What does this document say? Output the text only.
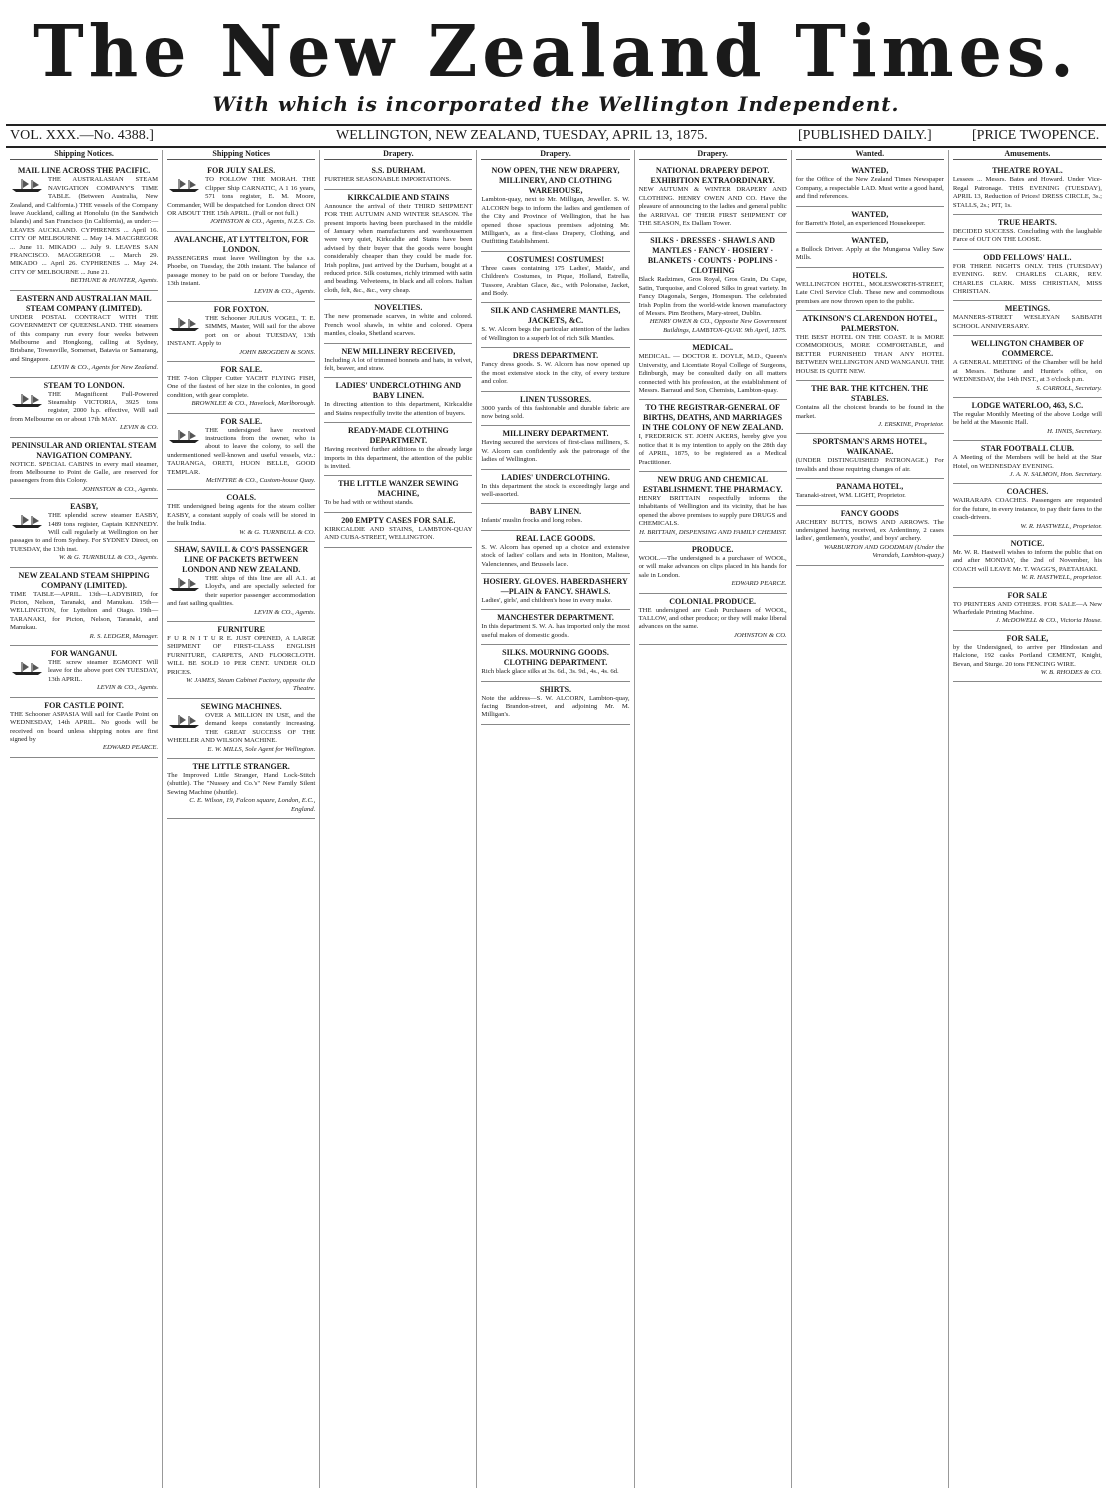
The New Zealand Times.
With which is incorporated the Wellington Independent.
VOL. XXX.—No. 4388.]	WELLINGTON, NEW ZEALAND, TUESDAY, APRIL 13, 1875.	[PUBLISHED DAILY.]	[PRICE TWOPENCE.
Shipping Notices.
MAIL LINE ACROSS THE PACIFIC.
THE AUSTRALASIAN STEAM NAVIGATION COMPANY'S TIME TABLE. (Between Australia, New Zealand, and California.) THE vessels of the Company leave Auckland, calling at Honolulu (in the Sandwich Islands) and San Francisco (in California), as under:— LEAVES AUCKLAND. CYPHRENES ... April 16. CITY OF MELBOURNE ... May 14. MACGREGOR ... June 11. MIKADO ... July 9. LEAVES SAN FRANCISCO. MACGREGOR ... March 29. MIKADO ... April 26. CYPHRENES ... May 24. CITY OF MELBOURNE ... June 21.
BETHUNE & HUNTER, Agents.
EASTERN AND AUSTRALIAN MAIL STEAM COMPANY (LIMITED).
UNDER POSTAL CONTRACT WITH THE GOVERNMENT OF QUEENSLAND. THE steamers of this company run every four weeks between Melbourne and Hongkong, calling at Sydney, Brisbane, Townsville, Somerset, Batavia or Samarang, and Singapore.
LEVIN & CO., Agents for New Zealand.
STEAM TO LONDON.
THE Magnificent Full-Powered Steamship VICTORIA, 3925 tons register, 2000 h.p. effective, Will sail from Melbourne on or about 17th MAY.
LEVIN & CO.
PENINSULAR AND ORIENTAL STEAM NAVIGATION COMPANY.
NOTICE. SPECIAL CABINS in every mail steamer, from Melbourne to Point de Galle, are reserved for passengers from this Colony.
JOHNSTON & CO., Agents.
EASBY,
THE splendid screw steamer EASBY, 1489 tons register, Captain KENNEDY. Will call regularly at Wellington on her passages to and from Sydney. For SYDNEY Direct, on TUESDAY, the 13th inst.
W. & G. TURNBULL & CO., Agents.
NEW ZEALAND STEAM SHIPPING COMPANY (LIMITED).
TIME TABLE—APRIL. 13th—LADYBIRD, for Picton, Nelson, Taranaki, and Manukau. 15th—WELLINGTON, for Lyttelton and Otago. 19th—TARANAKI, for Picton, Nelson, Taranaki, and Manukau.
R. S. LEDGER, Manager.
FOR WANGANUI.
THE screw steamer EGMONT Will leave for the above port ON TUESDAY, 13th APRIL.
LEVIN & CO., Agents.
FOR CASTLE POINT.
THE Schooner ASPASIA Will sail for Castle Point on WEDNESDAY, 14th APRIL. No goods will be received on board unless shipping notes are first signed by
EDWARD PEARCE.
Shipping Notices
FOR JULY SALES.
TO FOLLOW THE MORAH. THE Clipper Ship CARNATIC, A 1 16 years, 571 tons register, E. M. Moore, Commander, Will be despatched for London direct ON OR ABOUT THE 15th APRIL. (Full or not full.)
JOHNSTON & CO., Agents, N.Z.S. Co.
AVALANCHE, AT LYTTELTON, FOR LONDON.
PASSENGERS must leave Wellington by the s.s. Phoebe, on Tuesday, the 20th instant. The balance of passage money to be paid on or before Tuesday, the 13th instant.
LEVIN & CO., Agents.
FOR FOXTON.
THE Schooner JULIUS VOGEL, T. E. SIMMS, Master, Will sail for the above port on or about TUESDAY, 13th INSTANT. Apply to
JOHN BROGDEN & SONS.
FOR SALE.
THE 7-ton Clipper Cutter YACHT FLYING FISH, One of the fastest of her size in the colonies, in good condition, with gear complete.
BROWNLEE & CO., Havelock, Marlborough.
FOR SALE.
THE undersigned have received instructions from the owner, who is about to leave the colony, to sell the undermentioned well-known and useful vessels, viz.: TAURANGA, ORETI, HUON BELLE, GOOD TEMPLAR.
McINTYRE & CO., Custom-house Quay.
COALS.
THE undersigned being agents for the steam collier EASBY, a constant supply of coals will be stored in the hulk India.
W. & G. TURNBULL & CO.
SHAW, SAVILL & CO'S PASSENGER LINE OF PACKETS BETWEEN LONDON AND NEW ZEALAND.
THE ships of this line are all A.1. at Lloyd's, and are specially selected for their superior passenger accommodation and fast sailing qualities.
LEVIN & CO., Agents.
FURNITURE
F U R N I T U R E. JUST OPENED, A LARGE SHIPMENT OF FIRST-CLASS ENGLISH FURNITURE, CARPETS, AND FLOORCLOTH. WILL BE SOLD 10 PER CENT. UNDER OLD PRICES.
W. JAMES, Steam Cabinet Factory, opposite the Theatre.
SEWING MACHINES.
OVER A MILLION IN USE, and the demand keeps constantly increasing. THE GREAT SUCCESS OF THE WHEELER AND WILSON MACHINE.
E. W. MILLS, Sole Agent for Wellington.
THE LITTLE STRANGER.
The Improved Little Stranger, Hand Lock-Stitch (shuttle). The "Nussey and Co.'s" New Family Silent Sewing Machine (shuttle).
C. E. Wilson, 19, Falcon square, London, E.C., England.
Drapery.
S.S. DURHAM.
FURTHER SEASONABLE IMPORTATIONS.
KIRKCALDIE AND STAINS
Announce the arrival of their THIRD SHIPMENT FOR THE AUTUMN AND WINTER SEASON. The present imports having been purchased in the middle of January when manufacturers and warehousemen were very quiet, Kirkcaldie and Stains have been advised by their buyer that the goods were bought considerably cheaper than they could be made for. Irish poplins, just arrived by the Durham, bought at a reduced price. Silk costumes, richly trimmed with satin and beading. Velveteens, in black and all colors. Italian cloth, felt, &c., &c., very cheap.
NOVELTIES.
The new promenade scarves, in white and colored. French wool shawls, in white and colored. Opera mantles, cloaks, Shetland scarves.
NEW MILLINERY RECEIVED,
Including A lot of trimmed bonnets and hats, in velvet, felt, beaver, and straw.
LADIES' UNDERCLOTHING AND BABY LINEN.
In directing attention to this department, Kirkcaldie and Stains respectfully invite the attention of buyers.
READY-MADE CLOTHING DEPARTMENT.
Having received further additions to the already large imports in this department, the attention of the public is invited.
THE LITTLE WANZER SEWING MACHINE,
To be had with or without stands.
200 EMPTY CASES FOR SALE.
KIRKCALDIE AND STAINS, LAMBTON-QUAY AND CUBA-STREET, WELLINGTON.
Drapery.
NOW OPEN, THE NEW DRAPERY, MILLINERY, AND CLOTHING WAREHOUSE,
Lambton-quay, next to Mr. Milligan, Jeweller. S. W. ALCORN begs to inform the ladies and gentlemen of the City and Province of Wellington, that he has opened those spacious premises adjoining Mr. Milligan's, as a first-class Drapery, Clothing, and Outfitting Establishment.
COSTUMES! COSTUMES!
Three cases containing 175 Ladies', Maids', and Children's Costumes, in Pique, Holland, Estrella, Tussore, Arabian Glace, &c., with Polonaise, Jacket, and Body.
SILK AND CASHMERE MANTLES, JACKETS, &C.
S. W. Alcorn begs the particular attention of the ladies of Wellington to a superb lot of rich Silk Mantles.
DRESS DEPARTMENT.
Fancy dress goods. S. W. Alcorn has now opened up the most extensive stock in the city, of every texture and color.
LINEN TUSSORES.
3000 yards of this fashionable and durable fabric are now being sold.
MILLINERY DEPARTMENT.
Having secured the services of first-class milliners, S. W. Alcorn can confidently ask the patronage of the ladies of Wellington.
LADIES' UNDERCLOTHING.
In this department the stock is exceedingly large and well-assorted.
BABY LINEN.
Infants' muslin frocks and long robes.
REAL LACE GOODS.
S. W. Alcorn has opened up a choice and extensive stock of ladies' collars and sets in Honiton, Maltese, Valenciennes, and Brussels lace.
HOSIERY. GLOVES. HABERDASHERY—PLAIN & FANCY. SHAWLS.
Ladies', girls', and children's hose in every make.
MANCHESTER DEPARTMENT.
In this department S. W. A. has imported only the most useful makes of domestic goods.
SILKS. MOURNING GOODS. CLOTHING DEPARTMENT.
Rich black glace silks at 3s. 6d., 3s. 9d., 4s., 4s. 6d.
SHIRTS.
Note the address—S. W. ALCORN, Lambton-quay, facing Brandon-street, and adjoining Mr. M. Milligan's.
Drapery.
NATIONAL DRAPERY DEPOT. EXHIBITION EXTRAORDINARY.
NEW AUTUMN & WINTER DRAPERY AND CLOTHING. HENRY OWEN AND CO. Have the pleasure of announcing to the ladies and general public the ARRIVAL OF THEIR FIRST SHIPMENT OF THE SEASON, Ex Dallam Tower.
SILKS · DRESSES · SHAWLS AND MANTLES · FANCY · HOSIERY · BLANKETS · COUNTS · POPLINS · CLOTHING
Black Radzimes, Gros Royal, Gros Grain, Du Cape, Satin, Turquoise, and Colored Silks in great variety. In Fancy Diagonals, Serges, Homespun. The celebrated Irish Poplin from the world-wide known manufactory of Messrs. Pim Brothers, Mary-street, Dublin.
HENRY OWEN & CO., Opposite New Government Buildings, LAMBTON-QUAY. 9th April, 1875.
MEDICAL.
MEDICAL. — DOCTOR E. DOYLE, M.D., Queen's University, and Licentiate Royal College of Surgeons, Edinburgh, may be consulted daily on all matters connected with his profession, at the establishment of Messrs. Barraud and Son, Chemists, Lambton-quay.
TO THE REGISTRAR-GENERAL OF BIRTHS, DEATHS, AND MARRIAGES IN THE COLONY OF NEW ZEALAND.
I, FREDERICK ST. JOHN AKERS, hereby give you notice that it is my intention to apply on the 28th day of APRIL, 1875, to be registered as a Medical Practitioner.
NEW DRUG AND CHEMICAL ESTABLISHMENT. THE PHARMACY.
HENRY BRITTAIN respectfully informs the inhabitants of Wellington and its vicinity, that he has opened the above premises to supply pure DRUGS and CHEMICALS.
H. BRITTAIN, DISPENSING AND FAMILY CHEMIST.
PRODUCE.
WOOL.—The undersigned is a purchaser of WOOL, or will make advances on clips placed in his hands for sale in London.
EDWARD PEARCE.
COLONIAL PRODUCE.
THE undersigned are Cash Purchasers of WOOL, TALLOW, and other produce; or they will make liberal advances on the same.
JOHNSTON & CO.
Wanted.
WANTED,
for the Office of the New Zealand Times Newspaper Company, a respectable LAD. Must write a good hand, and find references.
WANTED,
for Barrett's Hotel, an experienced Housekeeper.
WANTED,
a Bullock Driver. Apply at the Mungaroa Valley Saw Mills.
HOTELS.
WELLINGTON HOTEL, MOLESWORTH-STREET, Late Civil Service Club. These new and commodious premises are now thrown open to the public.
ATKINSON'S CLARENDON HOTEL, PALMERSTON.
THE BEST HOTEL ON THE COAST. It is MORE COMMODIOUS, MORE COMFORTABLE, and BETTER FURNISHED THAN ANY HOTEL BETWEEN WELLINGTON AND WANGANUI. THE HOUSE IS QUITE NEW.
THE BAR. THE KITCHEN. THE STABLES.
Contains all the choicest brands to be found in the market.
J. ERSKINE, Proprietor.
SPORTSMAN'S ARMS HOTEL, WAIKANAE.
(UNDER DISTINGUISHED PATRONAGE.) For invalids and those requiring changes of air.
PANAMA HOTEL,
Taranaki-street, WM. LIGHT, Proprietor.
FANCY GOODS
ARCHERY BUTTS, BOWS AND ARROWS. The undersigned having received, ex Ardentinny, 2 cases ladies', gentlemen's, youths', and boys' archery.
WARBURTON AND GOODMAN (Under the Verandah, Lambton-quay.)
Amusements.
THEATRE ROYAL.
Lessees ... Messrs. Bates and Howard. Under Vice-Regal Patronage. THIS EVENING (TUESDAY), APRIL 13, Reduction of Prices! DRESS CIRCLE, 3s.; STALLS, 2s.; PIT, 1s.
TRUE HEARTS.
DECIDED SUCCESS. Concluding with the laughable Farce of OUT ON THE LOOSE.
ODD FELLOWS' HALL.
FOR THREE NIGHTS ONLY. THIS (TUESDAY) EVENING. REV. CHARLES CLARK, REV. CHARLES CLARK. MISS CHRISTIAN, MISS CHRISTIAN.
MEETINGS.
MANNERS-STREET WESLEYAN SABBATH SCHOOL ANNIVERSARY.
WELLINGTON CHAMBER OF COMMERCE.
A GENERAL MEETING of the Chamber will be held at Messrs. Bethune and Hunter's office, on WEDNESDAY, the 14th INST., at 3 o'clock p.m.
S. CARROLL, Secretary.
LODGE WATERLOO, 463, S.C.
The regular Monthly Meeting of the above Lodge will be held at the Masonic Hall.
H. INNIS, Secretary.
STAR FOOTBALL CLUB.
A Meeting of the Members will be held at the Star Hotel, on WEDNESDAY EVENING.
J. A. N. SALMON, Hon. Secretary.
COACHES.
WAIRARAPA COACHES. Passengers are requested for the future, in every instance, to pay their fares to the coach-drivers.
W. R. HASTWELL, Proprietor.
NOTICE.
Mr. W. R. Hastwell wishes to inform the public that on and after MONDAY, the 2nd of November, his COACH will LEAVE Mr. T. WAGG'S, PAETAHAKI.
W. R. HASTWELL, proprietor.
FOR SALE
TO PRINTERS AND OTHERS. FOR SALE—A New Wharfedale Printing Machine.
J. McDOWELL & CO., Victoria House.
FOR SALE,
by the Undersigned, to arrive per Hindostan and Halcione, 192 casks Portland CEMENT, Knight, Bevan, and Sturge. 20 tons FENCING WIRE.
W. B. RHODES & CO.
